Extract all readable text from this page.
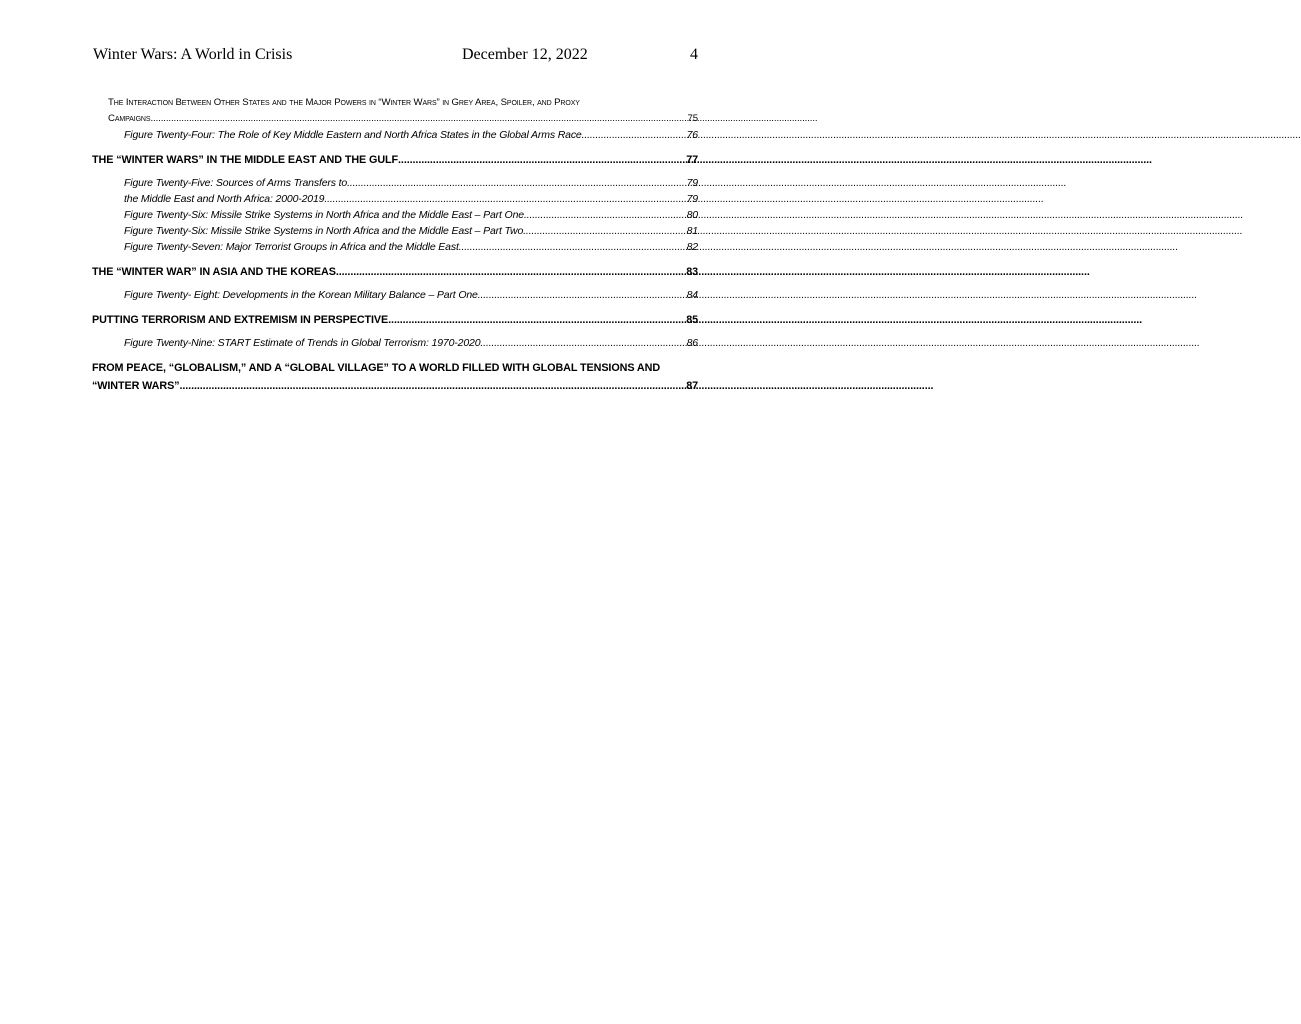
Winter Wars: A World in Crisis	December 12, 2022	4
The Interaction Between Other States and the Major Powers in “Winter Wars” in Grey Area, Spoiler, and Proxy
Campaigns .....	75
Figure Twenty-Four: The Role of Key Middle Eastern and North Africa States in the Global Arms Race .....	76
THE “WINTER WARS” IN THE MIDDLE EAST AND THE GULF .....	77
Figure Twenty-Five: Sources of Arms Transfers to .....	79
the Middle East and North Africa: 2000-2019 .....	79
Figure Twenty-Six: Missile Strike Systems in North Africa and the Middle East – Part One .....	80
Figure Twenty-Six: Missile Strike Systems in North Africa and the Middle East – Part Two .....	81
Figure Twenty-Seven: Major Terrorist Groups in Africa and the Middle East .....	82
THE “WINTER WAR” IN ASIA AND THE KOREAS .....	83
Figure Twenty- Eight: Developments in the Korean Military Balance – Part One .....	84
PUTTING TERRORISM AND EXTREMISM IN PERSPECTIVE .....	85
Figure Twenty-Nine: START Estimate of Trends in Global Terrorism: 1970-2020 .....	86
FROM PEACE, “GLOBALISM,” AND A “GLOBAL VILLAGE” TO A WORLD FILLED WITH GLOBAL TENSIONS AND
“WINTER WARS” .....	87
